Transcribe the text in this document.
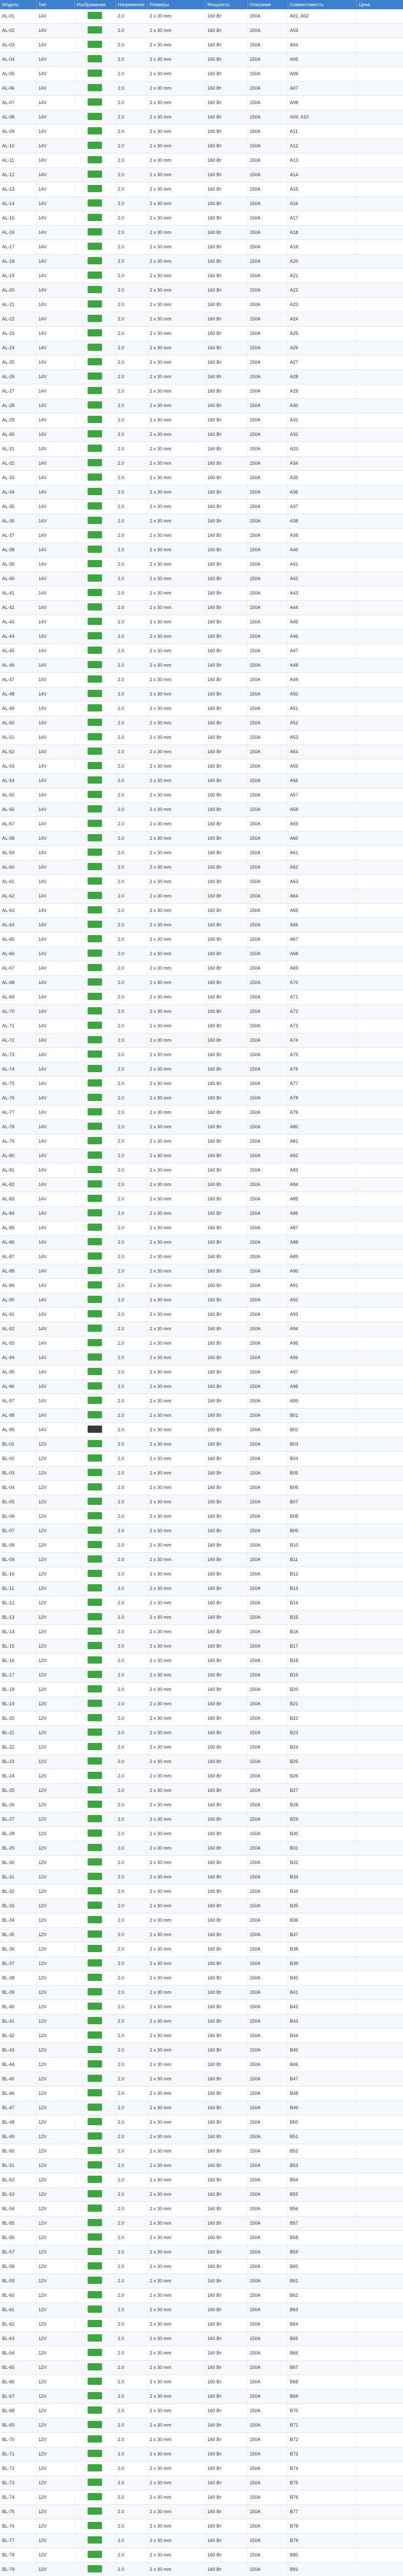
Модель	Тип	Изображение	Напряжение	Размеры	Мощность	Описание	Совместимость	Цена
AL-01	14V		2.0	2 x 30 mm	160 Вт	150A	A01, A02	
AL-02	14V		2.0	2 x 30 mm	160 Вт	150A	A03	
AL-03	14V		2.0	2 x 30 mm	160 Вт	150A	A04	
AL-04	14V		2.0	2 x 30 mm	160 Вт	150A	A05	
AL-05	14V		2.0	2 x 30 mm	160 Вт	150A	A06	
AL-06	14V		2.0	2 x 30 mm	160 Вт	150A	A07	
AL-07	14V		2.0	2 x 30 mm	160 Вт	150A	A08	
AL-08	14V		2.0	2 x 30 mm	160 Вт	150A	A09, A10	
AL-09	14V		2.0	2 x 30 mm	160 Вт	150A	A11	
AL-10	14V		2.0	2 x 30 mm	160 Вт	150A	A12	
AL-11	14V		2.0	2 x 30 mm	160 Вт	150A	A13	
AL-12	14V		2.0	2 x 30 mm	160 Вт	150A	A14	
AL-13	14V		2.0	2 x 30 mm	160 Вт	150A	A15	
AL-14	14V		2.0	2 x 30 mm	160 Вт	150A	A16	
AL-15	14V		2.0	2 x 30 mm	160 Вт	150A	A17	
AL-16	14V		2.0	2 x 30 mm	160 Вт	150A	A18	
AL-17	14V		2.0	2 x 30 mm	160 Вт	150A	A19	
AL-18	14V		2.0	2 x 30 mm	160 Вт	150A	A20	
AL-19	14V		2.0	2 x 30 mm	160 Вт	150A	A21	
AL-20	14V		2.0	2 x 30 mm	160 Вт	150A	A22	
AL-21	14V		2.0	2 x 30 mm	160 Вт	150A	A23	
AL-22	14V		2.0	2 x 30 mm	160 Вт	150A	A24	
AL-23	14V		2.0	2 x 30 mm	160 Вт	150A	A25	
AL-24	14V		2.0	2 x 30 mm	160 Вт	150A	A26	
AL-25	14V		2.0	2 x 30 mm	160 Вт	150A	A27	
AL-26	14V		2.0	2 x 30 mm	160 Вт	150A	A28	
AL-27	14V		2.0	2 x 30 mm	160 Вт	150A	A29	
AL-28	14V		2.0	2 x 30 mm	160 Вт	150A	A30	
AL-29	14V		2.0	2 x 30 mm	160 Вт	150A	A31	
AL-30	14V		2.0	2 x 30 mm	160 Вт	150A	A32	
AL-31	14V		2.0	2 x 30 mm	160 Вт	150A	A33	
AL-32	14V		2.0	2 x 30 mm	160 Вт	150A	A34	
AL-33	14V		2.0	2 x 30 mm	160 Вт	150A	A35	
AL-34	14V		2.0	2 x 30 mm	160 Вт	150A	A36	
AL-35	14V		2.0	2 x 30 mm	160 Вт	150A	A37	
AL-36	14V		2.0	2 x 30 mm	160 Вт	150A	A38	
AL-37	14V		2.0	2 x 30 mm	160 Вт	150A	A39	
AL-38	14V		2.0	2 x 30 mm	160 Вт	150A	A40	
AL-39	14V		2.0	2 x 30 mm	160 Вт	150A	A41	
AL-40	14V		2.0	2 x 30 mm	160 Вт	150A	A42	
AL-41	14V		2.0	2 x 30 mm	160 Вт	150A	A43	
AL-42	14V		2.0	2 x 30 mm	160 Вт	150A	A44	
AL-43	14V		2.0	2 x 30 mm	160 Вт	150A	A45	
AL-44	14V		2.0	2 x 30 mm	160 Вт	150A	A46	
AL-45	14V		2.0	2 x 30 mm	160 Вт	150A	A47	
AL-46	14V		2.0	2 x 30 mm	160 Вт	150A	A48	
AL-47	14V		2.0	2 x 30 mm	160 Вт	150A	A49	
AL-48	14V		2.0	2 x 30 mm	160 Вт	150A	A50	
AL-49	14V		2.0	2 x 30 mm	160 Вт	150A	A51	
AL-50	14V		2.0	2 x 30 mm	160 Вт	150A	A52	
AL-51	14V		2.0	2 x 30 mm	160 Вт	150A	A53	
AL-52	14V		2.0	2 x 30 mm	160 Вт	150A	A54	
AL-53	14V		2.0	2 x 30 mm	160 Вт	150A	A55	
AL-54	14V		2.0	2 x 30 mm	160 Вт	150A	A56	
AL-55	14V		2.0	2 x 30 mm	160 Вт	150A	A57	
AL-56	14V		2.0	2 x 30 mm	160 Вт	150A	A58	
AL-57	14V		2.0	2 x 30 mm	160 Вт	150A	A59	
AL-58	14V		2.0	2 x 30 mm	160 Вт	150A	A60	
AL-59	14V		2.0	2 x 30 mm	160 Вт	150A	A61	
AL-60	14V		2.0	2 x 30 mm	160 Вт	150A	A62	
AL-61	14V		2.0	2 x 30 mm	160 Вт	150A	A63	
AL-62	14V		2.0	2 x 30 mm	160 Вт	150A	A64	
AL-63	14V		2.0	2 x 30 mm	160 Вт	150A	A65	
AL-64	14V		2.0	2 x 30 mm	160 Вт	150A	A66	
AL-65	14V		2.0	2 x 30 mm	160 Вт	150A	A67	
AL-66	14V		2.0	2 x 30 mm	160 Вт	150A	A68	
AL-67	14V		2.0	2 x 30 mm	160 Вт	150A	A69	
AL-68	14V		2.0	2 x 30 mm	160 Вт	150A	A70	
AL-69	14V		2.0	2 x 30 mm	160 Вт	150A	A71	
AL-70	14V		2.0	2 x 30 mm	160 Вт	150A	A72	
AL-71	14V		2.0	2 x 30 mm	160 Вт	150A	A73	
AL-72	14V		2.0	2 x 30 mm	160 Вт	150A	A74	
AL-73	14V		2.0	2 x 30 mm	160 Вт	150A	A75	
AL-74	14V		2.0	2 x 30 mm	160 Вт	150A	A76	
AL-75	14V		2.0	2 x 30 mm	160 Вт	150A	A77	
AL-76	14V		2.0	2 x 30 mm	160 Вт	150A	A78	
AL-77	14V		2.0	2 x 30 mm	160 Вт	150A	A79	
AL-78	14V		2.0	2 x 30 mm	160 Вт	150A	A80	
AL-79	14V		2.0	2 x 30 mm	160 Вт	150A	A81	
AL-80	14V		2.0	2 x 30 mm	160 Вт	150A	A82	
AL-81	14V		2.0	2 x 30 mm	160 Вт	150A	A83	
AL-82	14V		2.0	2 x 30 mm	160 Вт	150A	A84	
AL-83	14V		2.0	2 x 30 mm	160 Вт	150A	A85	
AL-84	14V		2.0	2 x 30 mm	160 Вт	150A	A86	
AL-85	14V		2.0	2 x 30 mm	160 Вт	150A	A87	
AL-86	14V		2.0	2 x 30 mm	160 Вт	150A	A88	
AL-87	14V		2.0	2 x 30 mm	160 Вт	150A	A89	
AL-88	14V		2.0	2 x 30 mm	160 Вт	150A	A90	
AL-89	14V		2.0	2 x 30 mm	160 Вт	150A	A91	
AL-90	14V		2.0	2 x 30 mm	160 Вт	150A	A92	
AL-91	14V		2.0	2 x 30 mm	160 Вт	150A	A93	
AL-92	14V		2.0	2 x 30 mm	160 Вт	150A	A94	
AL-93	14V		2.0	2 x 30 mm	160 Вт	150A	A95	
AL-94	14V		2.0	2 x 30 mm	160 Вт	150A	A96	
AL-95	14V		2.0	2 x 30 mm	160 Вт	150A	A97	
AL-96	14V		2.0	2 x 30 mm	160 Вт	150A	A98	
AL-97	14V		2.0	2 x 30 mm	160 Вт	150A	A99	
AL-98	14V		2.0	2 x 30 mm	160 Вт	150A	B01	
AL-99	14V		2.0	2 x 30 mm	160 Вт	150A	B02	
BL-01	12V		2.0	2 x 30 mm	160 Вт	150A	B03	
BL-02	12V		2.0	2 x 30 mm	160 Вт	150A	B04	
BL-03	12V		2.0	2 x 30 mm	160 Вт	150A	B05	
BL-04	12V		2.0	2 x 30 mm	160 Вт	150A	B06	
BL-05	12V		2.0	2 x 30 mm	160 Вт	150A	B07	
BL-06	12V		2.0	2 x 30 mm	160 Вт	150A	B08	
BL-07	12V		2.0	2 x 30 mm	160 Вт	150A	B09	
BL-08	12V		2.0	2 x 30 mm	160 Вт	150A	B10	
BL-09	12V		2.0	2 x 30 mm	160 Вт	150A	B11	
BL-10	12V		2.0	2 x 30 mm	160 Вт	150A	B12	
BL-11	12V		2.0	2 x 30 mm	160 Вт	150A	B13	
BL-12	12V		2.0	2 x 30 mm	160 Вт	150A	B14	
BL-13	12V		2.0	2 x 30 mm	160 Вт	150A	B15	
BL-14	12V		2.0	2 x 30 mm	160 Вт	150A	B16	
BL-15	12V		2.0	2 x 30 mm	160 Вт	150A	B17	
BL-16	12V		2.0	2 x 30 mm	160 Вт	150A	B18	
BL-17	12V		2.0	2 x 30 mm	160 Вт	150A	B19	
BL-18	12V		2.0	2 x 30 mm	160 Вт	150A	B20	
BL-19	12V		2.0	2 x 30 mm	160 Вт	150A	B21	
BL-20	12V		2.0	2 x 30 mm	160 Вт	150A	B22	
BL-21	12V		2.0	2 x 30 mm	160 Вт	150A	B23	
BL-22	12V		2.0	2 x 30 mm	160 Вт	150A	B24	
BL-23	12V		2.0	2 x 30 mm	160 Вт	150A	B25	
BL-24	12V		2.0	2 x 30 mm	160 Вт	150A	B26	
BL-25	12V		2.0	2 x 30 mm	160 Вт	150A	B27	
BL-26	12V		2.0	2 x 30 mm	160 Вт	150A	B28	
BL-27	12V		2.0	2 x 30 mm	160 Вт	150A	B29	
BL-28	12V		2.0	2 x 30 mm	160 Вт	150A	B30	
BL-29	12V		2.0	2 x 30 mm	160 Вт	150A	B31	
BL-30	12V		2.0	2 x 30 mm	160 Вт	150A	B32	
BL-31	12V		2.0	2 x 30 mm	160 Вт	150A	B33	
BL-32	12V		2.0	2 x 30 mm	160 Вт	150A	B34	
BL-33	12V		2.0	2 x 30 mm	160 Вт	150A	B35	
BL-34	12V		2.0	2 x 30 mm	160 Вт	150A	B36	
BL-35	12V		2.0	2 x 30 mm	160 Вт	150A	B37	
BL-36	12V		2.0	2 x 30 mm	160 Вт	150A	B38	
BL-37	12V		2.0	2 x 30 mm	160 Вт	150A	B39	
BL-38	12V		2.0	2 x 30 mm	160 Вт	150A	B40	
BL-39	12V		2.0	2 x 30 mm	160 Вт	150A	B41	
BL-40	12V		2.0	2 x 30 mm	160 Вт	150A	B42	
BL-41	12V		2.0	2 x 30 mm	160 Вт	150A	B43	
BL-42	12V		2.0	2 x 30 mm	160 Вт	150A	B44	
BL-43	12V		2.0	2 x 30 mm	160 Вт	150A	B45	
BL-44	12V		2.0	2 x 30 mm	160 Вт	150A	B46	
BL-45	12V		2.0	2 x 30 mm	160 Вт	150A	B47	
BL-46	12V		2.0	2 x 30 mm	160 Вт	150A	B48	
BL-47	12V		2.0	2 x 30 mm	160 Вт	150A	B49	
BL-48	12V		2.0	2 x 30 mm	160 Вт	150A	B50	
BL-49	12V		2.0	2 x 30 mm	160 Вт	150A	B51	
BL-50	12V		2.0	2 x 30 mm	160 Вт	150A	B52	
BL-51	12V		2.0	2 x 30 mm	160 Вт	150A	B53	
BL-52	12V		2.0	2 x 30 mm	160 Вт	150A	B54	
BL-53	12V		2.0	2 x 30 mm	160 Вт	150A	B55	
BL-54	12V		2.0	2 x 30 mm	160 Вт	150A	B56	
BL-55	12V		2.0	2 x 30 mm	160 Вт	150A	B57	
BL-56	12V		2.0	2 x 30 mm	160 Вт	150A	B58	
BL-57	12V		2.0	2 x 30 mm	160 Вт	150A	B59	
BL-58	12V		2.0	2 x 30 mm	160 Вт	150A	B60	
BL-59	12V		2.0	2 x 30 mm	160 Вт	150A	B61	
BL-60	12V		2.0	2 x 30 mm	160 Вт	150A	B62	
BL-61	12V		2.0	2 x 30 mm	160 Вт	150A	B63	
BL-62	12V		2.0	2 x 30 mm	160 Вт	150A	B64	
BL-63	12V		2.0	2 x 30 mm	160 Вт	150A	B65	
BL-64	12V		2.0	2 x 30 mm	160 Вт	150A	B66	
BL-65	12V		2.0	2 x 30 mm	160 Вт	150A	B67	
BL-66	12V		2.0	2 x 30 mm	160 Вт	150A	B68	
BL-67	12V		2.0	2 x 30 mm	160 Вт	150A	B69	
BL-68	12V		2.0	2 x 30 mm	160 Вт	150A	B70	
BL-69	12V		2.0	2 x 30 mm	160 Вт	150A	B71	
BL-70	12V		2.0	2 x 30 mm	160 Вт	150A	B72	
BL-71	12V		2.0	2 x 30 mm	160 Вт	150A	B73	
BL-72	12V		2.0	2 x 30 mm	160 Вт	150A	B74	
BL-73	12V		2.0	2 x 30 mm	160 Вт	150A	B75	
BL-74	12V		2.0	2 x 30 mm	160 Вт	150A	B76	
BL-75	12V		2.0	2 x 30 mm	160 Вт	150A	B77	
BL-76	12V		2.0	2 x 30 mm	160 Вт	150A	B78	
BL-77	12V		2.0	2 x 30 mm	160 Вт	150A	B79	
BL-78	12V		2.0	2 x 30 mm	160 Вт	150A	B80	
BL-79	12V		2.0	2 x 30 mm	160 Вт	150A	B81	
